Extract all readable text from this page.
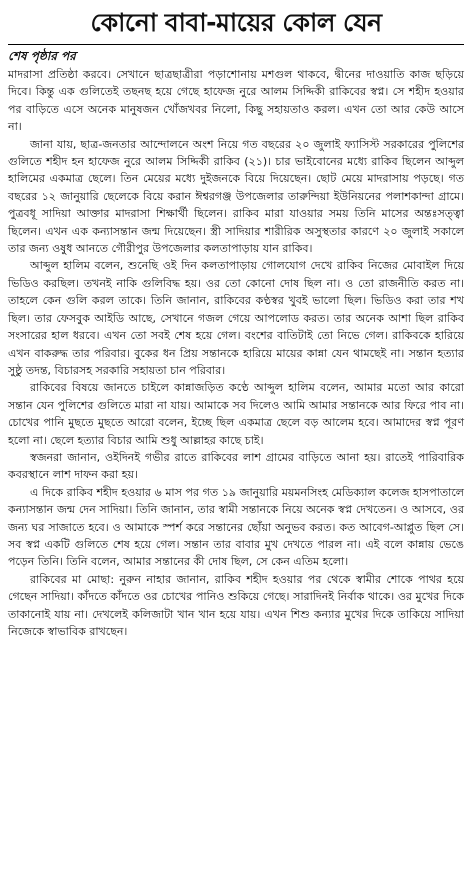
কোনো বাবা-মায়ের কোল যেন
শেষ পৃষ্ঠার পর

মাদরাসা প্রতিষ্ঠা করবে। সেখানে ছাত্রছাত্রীরা পড়াশোনায় মশগুল থাকবে, দ্বীনের দাওয়াতি কাজ ছড়িয়ে দিবে। কিন্তু এক গুলিতেই তছনছ হয়ে গেছে হাফেজ নুরে আলম সিদ্দিকী রাকিবের স্বপ্ন। সে শহীদ হওয়ার পর বাড়িতে এসে অনেক মানুষজন খোঁজখবর নিলো, কিছু সহায়তাও করল। এখন তো আর কেউ আসে না।

জানা যায়, ছাত্র-জনতার আন্দোলনে অংশ নিয়ে গত বছরের ২০ জুলাই ফ্যাসিস্ট সরকারের পুলিশের গুলিতে শহীদ হন হাফেজ নুরে আলম সিদ্দিকী রাকিব (২১)। চার ভাইবোনের মধ্যে রাকিব ছিলেন আব্দুল হালিমের একমাত্র ছেলে। তিন মেয়ের মধ্যে দুইজনকে বিয়ে দিয়েছেন। ছোট মেয়ে মাদরাসায় পড়ছে। গত বছরের ১২ জানুয়ারি ছেলেকে বিয়ে করান ঈশ্বরগঞ্জ উপজেলার তারুন্দিয়া ইউনিয়নের পলাশকান্দা গ্রামে। পুত্রবধূ সাদিয়া আক্তার মাদরাসা শিক্ষার্থী ছিলেন। রাকিব মারা যাওয়ার সময় তিনি মাসের অন্তঃসত্ত্বা ছিলেন। এখন এক কন্যাসন্তান জন্ম দিয়েছেন। স্ত্রী সাদিয়ার শারীরিক অসুস্থতার কারণে ২০ জুলাই সকালে তার জন্য ওষুধ আনতে গৌরীপুর উপজেলার কলতাপাড়ায় যান রাকিব।

আব্দুল হালিম বলেন, শুনেছি ওই দিন কলতাপাড়ায় গোলযোগ দেখে রাকিব নিজের মোবাইল দিয়ে ভিডিও করছিল। তখনই নাকি গুলিবিদ্ধ হয়। ওর তো কোনো দোষ ছিল না। ও তো রাজনীতি করত না। তাহলে কেন গুলি করল তাকে। তিনি জানান, রাকিবের কণ্ঠস্বর খুবই ভালো ছিল। ভিডিও করা তার শখ ছিল। তার ফেসবুক আইডি আছে, সেখানে গজল গেয়ে আপলোড করত। তার অনেক আশা ছিল রাকিব সংসারের হাল ধরবে। এখন তো সবই শেষ হয়ে গেল। বংশের বাতিটাই তো নিভে গেল। রাকিবকে হারিয়ে এখন বাকরুদ্ধ তার পরিবার। বুকের ধন প্রিয় সন্তানকে হারিয়ে মায়ের কান্না যেন থামছেই না। সন্তান হত্যার সুষ্ঠু তদন্ত, বিচারসহ সরকারি সহায়তা চান পরিবার।

রাকিবের বিষয়ে জানতে চাইলে কান্নাজড়িত কণ্ঠে আব্দুল হালিম বলেন, আমার মতো আর কারো সন্তান যেন পুলিশের গুলিতে মারা না যায়। আমাকে সব দিলেও আমি আমার সন্তানকে আর ফিরে পাব না। চোখের পানি মুছতে মুছতে আরো বলেন, ইচ্ছে ছিল একমাত্র ছেলে বড় আলেম হবে। আমাদের স্বপ্ন পূরণ হলো না। ছেলে হত্যার বিচার আমি শুধু আল্লাহর কাছে চাই।

স্বজনরা জানান, ওইদিনই গভীর রাতে রাকিবের লাশ গ্রামের বাড়িতে আনা হয়। রাতেই পারিবারিক কবরস্থানে লাশ দাফন করা হয়।

এ দিকে রাকিব শহীদ হওয়ার ৬ মাস পর গত ১৯ জানুয়ারি ময়মনসিংহ মেডিক্যাল কলেজ হাসপাতালে কন্যাসন্তান জন্ম দেন সাদিয়া। তিনি জানান, তার স্বামী সন্তানকে নিয়ে অনেক স্বপ্ন দেখতেন। ও আসবে, ওর জন্য ঘর সাজাতে হবে। ও আমাকে স্পর্শ করে সন্তানের ছোঁয়া অনুভব করত। কত আবেগ-আপ্লুত ছিল সে। সব স্বপ্ন একটি গুলিতে শেষ হয়ে গেল। সন্তান তার বাবার মুখ দেখতে পারল না। এই বলে কান্নায় ভেঙে পড়েন তিনি। তিনি বলেন, আমার সন্তানের কী দোষ ছিল, সে কেন এতিম হলো।

রাকিবের মা মোছা: নুরুন নাহার জানান, রাকিব শহীদ হওয়ার পর থেকে স্বামীর শোকে পাথর হয়ে গেছেন সাদিয়া। কাঁদতে কাঁদতে ওর চোখের পানিও শুকিয়ে গেছে। সারাদিনই নির্বাক থাকে। ওর মুখের দিকে তাকানোই যায় না। দেখলেই কলিজাটা খান খান হয়ে যায়। এখন শিশু কন্যার মুখের দিকে তাকিয়ে সাদিয়া নিজেকে স্বাভাবিক রাখছেন।
